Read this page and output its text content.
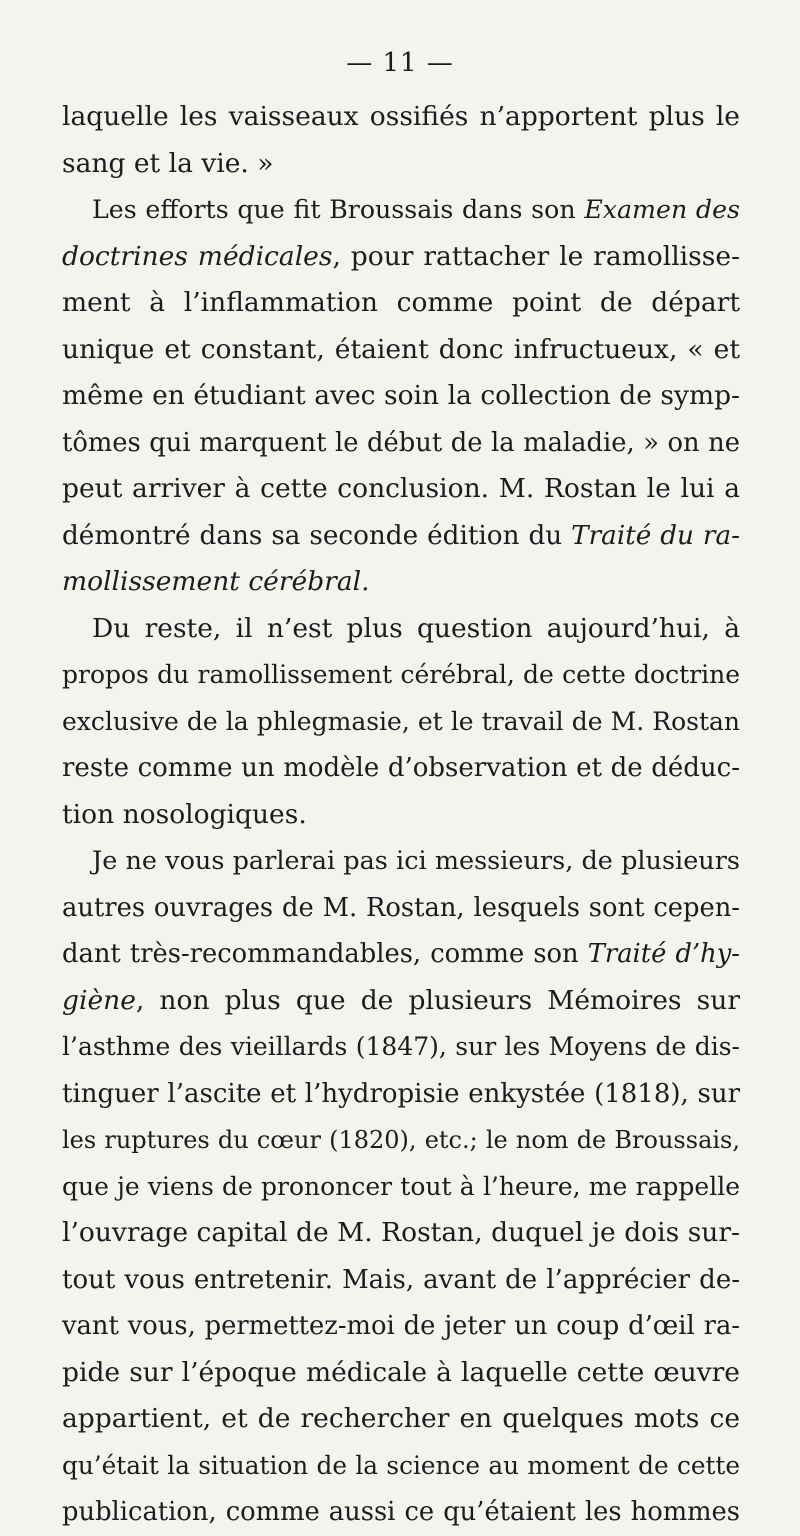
— 11 —
laquelle les vaisseaux ossifiés n’apportent plus le
sang et la vie. »
Les efforts que fit Broussais dans son Examen des
doctrines médicales, pour rattacher le ramollisse-
ment à l’inflammation comme point de départ
unique et constant, étaient donc infructueux, « et
même en étudiant avec soin la collection de symp-
tômes qui marquent le début de la maladie, » on ne
peut arriver à cette conclusion. M. Rostan le lui a
démontré dans sa seconde édition du Traité du ra-
mollissement cérébral.
Du reste, il n’est plus question aujourd’hui, à
propos du ramollissement cérébral, de cette doctrine
exclusive de la phlegmasie, et le travail de M. Rostan
reste comme un modèle d’observation et de déduc-
tion nosologiques.
Je ne vous parlerai pas ici messieurs, de plusieurs
autres ouvrages de M. Rostan, lesquels sont cepen-
dant très-recommandables, comme son Traité d’hy-
giène, non plus que de plusieurs Mémoires sur
l’asthme des vieillards (1847), sur les Moyens de dis-
tinguer l’ascite et l’hydropisie enkystée (1818), sur
les ruptures du cœur (1820), etc.; le nom de Broussais,
que je viens de prononcer tout à l’heure, me rappelle
l’ouvrage capital de M. Rostan, duquel je dois sur-
tout vous entretenir. Mais, avant de l’apprécier de-
vant vous, permettez-moi de jeter un coup d’œil ra-
pide sur l’époque médicale à laquelle cette œuvre
appartient, et de rechercher en quelques mots ce
qu’était la situation de la science au moment de cette
publication, comme aussi ce qu’étaient les hommes
